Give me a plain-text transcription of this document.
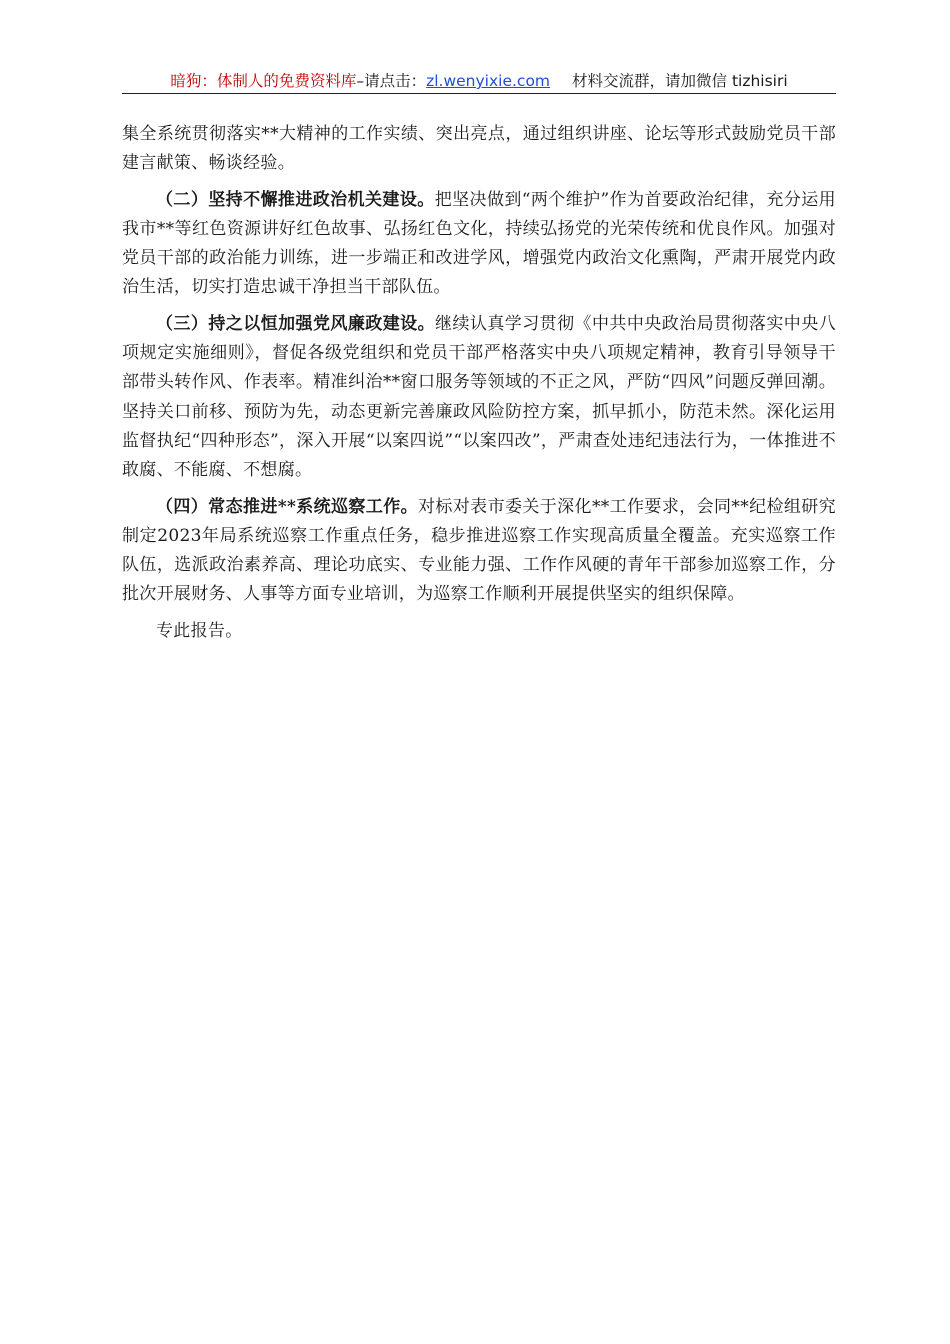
暗狗：体制人的免费资料库–请点击：zl.wenyixie.com 材料交流群，请加微信 tizhisiri

集全系统贯彻落实**大精神的工作实绩、突出亮点，通过组织讲座、论坛等形式鼓励党员干部建言献策、畅谈经验。

（二）坚持不懈推进政治机关建设。把坚决做到“两个维护”作为首要政治纪律，充分运用我市**等红色资源讲好红色故事、弘扬红色文化，持续弘扬党的光荣传统和优良作风。加强对党员干部的政治能力训练，进一步端正和改进学风，增强党内政治文化熏陶，严肃开展党内政治生活，切实打造忠诚干净担当干部队伍。

（三）持之以恒加强党风廉政建设。继续认真学习贯彻《中共中央政治局贯彻落实中央八项规定实施细则》，督促各级党组织和党员干部严格落实中央八项规定精神，教育引导领导干部带头转作风、作表率。精准纠治**窗口服务等领域的不正之风，严防“四风”问题反弹回潮。坚持关口前移、预防为先，动态更新完善廉政风险防控方案，抓早抓小，防范未然。深化运用监督执纪“四种形态”，深入开展“以案四说”“以案四改”，严肃查处违纪违法行为，一体推进不敢腐、不能腐、不想腐。

（四）常态推进**系统巡察工作。对标对表市委关于深化**工作要求，会同**纪检组研究制定2023年局系统巡察工作重点任务，稳步推进巡察工作实现高质量全覆盖。充实巡察工作队伍，选派政治素养高、理论功底实、专业能力强、工作作风硬的青年干部参加巡察工作，分批次开展财务、人事等方面专业培训，为巡察工作顺利开展提供坚实的组织保障。

专此报告。
